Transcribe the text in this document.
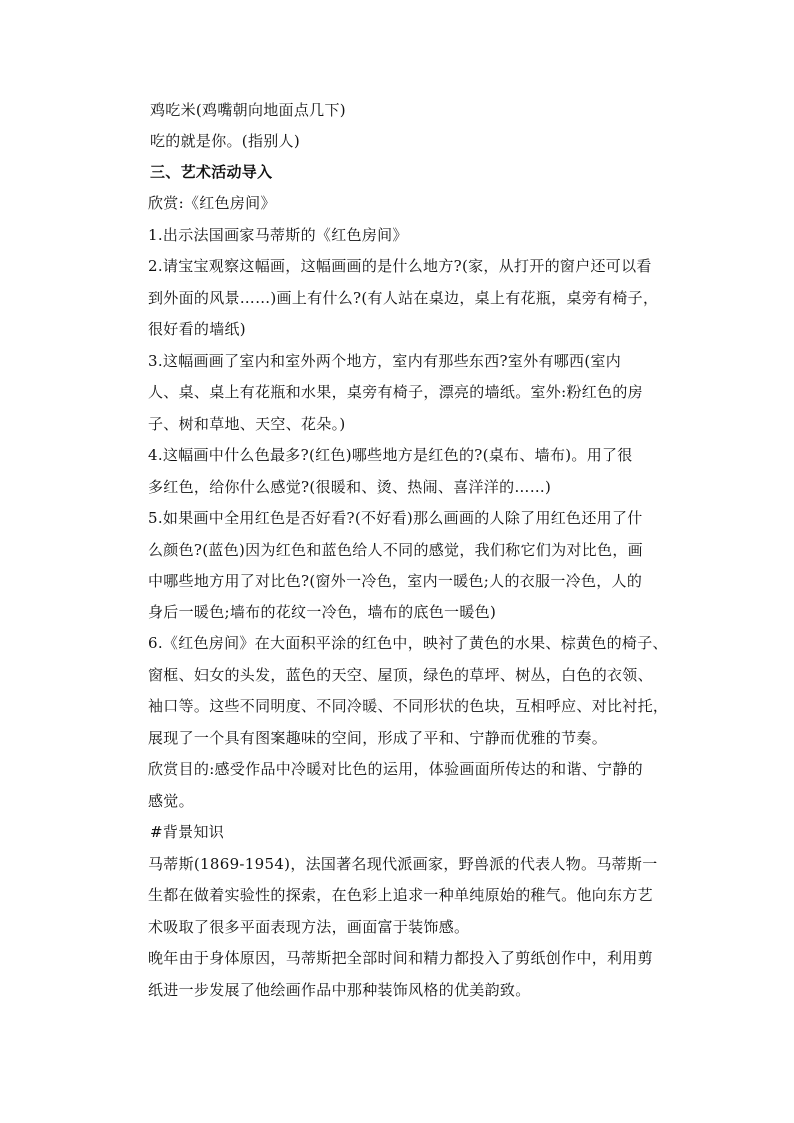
鸡吃米(鸡嘴朝向地面点几下)
吃的就是你。(指别人)
三、艺术活动导入
欣赏:《红色房间》
1.出示法国画家马蒂斯的《红色房间》
2.请宝宝观察这幅画，这幅画画的是什么地方?(家，从打开的窗户还可以看
到外面的风景……)画上有什么?(有人站在桌边，桌上有花瓶，桌旁有椅子，
很好看的墙纸)
3.这幅画画了室内和室外两个地方，室内有那些东西?室外有哪西(室内
人、桌、桌上有花瓶和水果，桌旁有椅子，漂亮的墙纸。室外:粉红色的房
子、树和草地、天空、花朵。)
4.这幅画中什么色最多?(红色)哪些地方是红色的?(桌布、墙布)。用了很
多红色，给你什么感觉?(很暖和、烫、热闹、喜洋洋的……)
5.如果画中全用红色是否好看?(不好看)那么画画的人除了用红色还用了什
么颜色?(蓝色)因为红色和蓝色给人不同的感觉，我们称它们为对比色，画
中哪些地方用了对比色?(窗外一冷色，室内一暖色;人的衣服一冷色，人的
身后一暖色;墙布的花纹一冷色，墙布的底色一暖色)
6.《红色房间》在大面积平涂的红色中，映衬了黄色的水果、棕黄色的椅子、
窗框、妇女的头发，蓝色的天空、屋顶，绿色的草坪、树丛，白色的衣领、
袖口等。这些不同明度、不同冷暖、不同形状的色块，互相呼应、对比衬托，
展现了一个具有图案趣味的空间，形成了平和、宁静而优雅的节奏。
欣赏目的:感受作品中冷暖对比色的运用，体验画面所传达的和谐、宁静的
感觉。
#背景知识
马蒂斯(1869-1954)，法国著名现代派画家，野兽派的代表人物。马蒂斯一
生都在做着实验性的探索，在色彩上追求一种单纯原始的稚气。他向东方艺
术吸取了很多平面表现方法，画面富于装饰感。
晚年由于身体原因，马蒂斯把全部时间和精力都投入了剪纸创作中，利用剪
纸进一步发展了他绘画作品中那种装饰风格的优美韵致。
